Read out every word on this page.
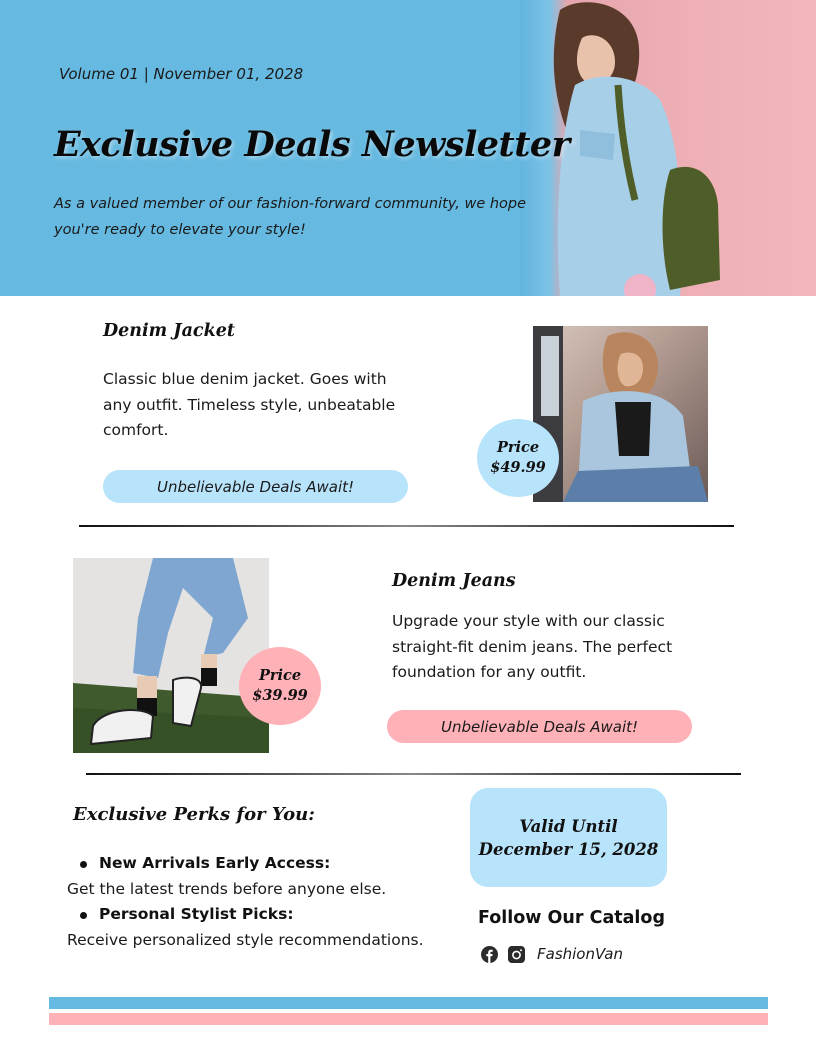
Volume 01 | November 01, 2028
Exclusive Deals Newsletter

As a valued member of our fashion-forward community, we hope you're ready to elevate your style!

Denim Jacket

Classic blue denim jacket. Goes with any outfit. Timeless style, unbeatable comfort.

Unbelievable Deals Await!
Price
$49.99
Price
$39.99
Denim Jeans

Upgrade your style with our classic straight-fit denim jeans. The perfect foundation for any outfit.

Unbelievable Deals Await!
Exclusive Perks for You:
New Arrivals Early Access:
Get the latest trends before anyone else.
Personal Stylist Picks:
Receive personalized style recommendations.
Valid Until
December 15, 2028
Follow Our Catalog
FashionVan
